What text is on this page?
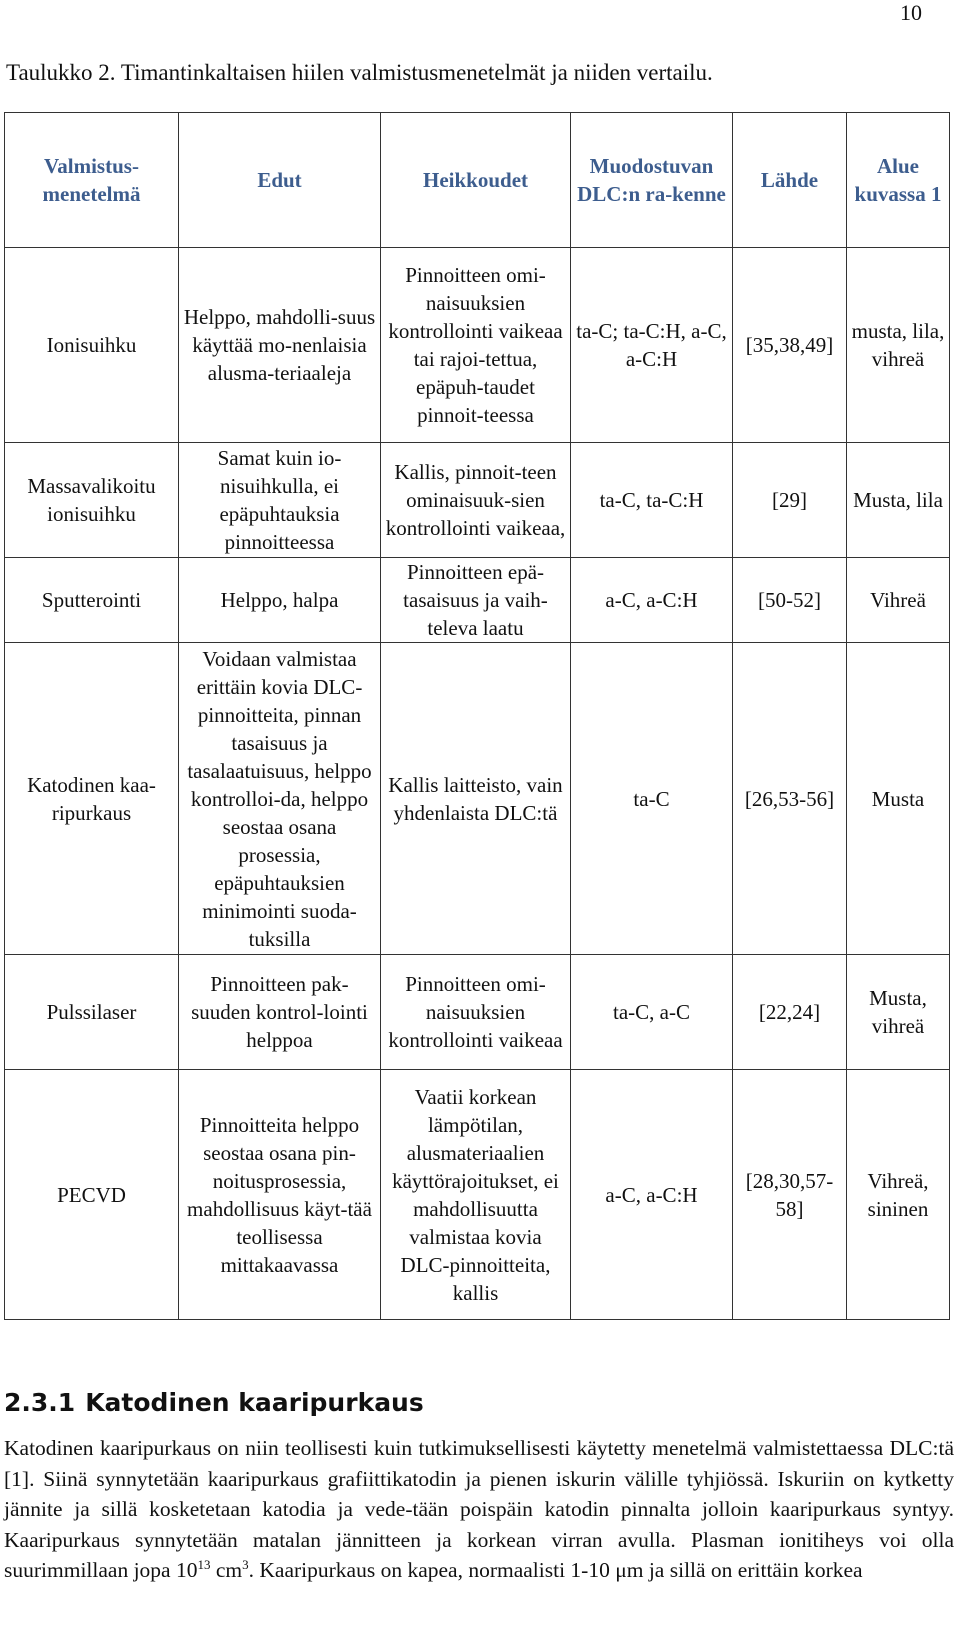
10
Taulukko 2. Timantinkaltaisen hiilen valmistusmenetelmät ja niiden vertailu.
Valmistus-menetelmä	Edut	Heikkoudet	Muodostuvan DLC:n ra-kenne	Lähde	Alue kuvassa 1
Ionisuihku	Helppo, mahdolli-suus käyttää mo-nenlaisia alusma-teriaaleja	Pinnoitteen omi-naisuuksien kontrollointi vaikeaa tai rajoi-tettua, epäpuh-taudet pinnoit-teessa	ta-C; ta-C:H, a-C, a-C:H	[35,38,49]	musta, lila, vihreä
Massavalikoitu ionisuihku	Samat kuin io-nisuihkulla, ei epäpuhtauksia pinnoitteessa	Kallis, pinnoit-teen ominaisuuk-sien kontrollointi vaikeaa,	ta-C, ta-C:H	[29]	Musta, lila
Sputterointi	Helppo, halpa	Pinnoitteen epä-tasaisuus ja vaih-televa laatu	a-C, a-C:H	[50-52]	Vihreä
Katodinen kaa-ripurkaus	Voidaan valmistaa erittäin kovia DLC-pinnoitteita, pinnan tasaisuus ja tasalaatuisuus, helppo kontrolloi-da, helppo seostaa osana prosessia, epäpuhtauksien minimointi suoda-tuksilla	Kallis laitteisto, vain yhdenlaista DLC:tä	ta-C	[26,53-56]	Musta
Pulssilaser	Pinnoitteen pak-suuden kontrol-lointi helppoa	Pinnoitteen omi-naisuuksien kontrollointi vaikeaa	ta-C, a-C	[22,24]	Musta, vihreä
PECVD	Pinnoitteita helppo seostaa osana pin-noitusprosessia, mahdollisuus käyt-tää teollisessa mittakaavassa	Vaatii korkean lämpötilan, alusmateriaalien käyttörajoitukset, ei mahdollisuutta valmistaa kovia DLC-pinnoitteita, kallis	a-C, a-C:H	[28,30,57-58]	Vihreä, sininen
2.3.1 Katodinen kaaripurkaus

Katodinen kaaripurkaus on niin teollisesti kuin tutkimuksellisesti käytetty menetelmä valmistettaessa DLC:tä [1]. Siinä synnytetään kaaripurkaus grafiittikatodin ja pienen iskurin välille tyhjiössä. Iskuriin on kytketty jännite ja sillä kosketetaan katodia ja vede-tään poispäin katodin pinnalta jolloin kaaripurkaus syntyy. Kaaripurkaus synnytetään matalan jännitteen ja korkean virran avulla. Plasman ionitiheys voi olla suurimmillaan jopa $10^{13}$ $cm^3$. Kaaripurkaus on kapea, normaalisti 1-10 μm ja sillä on erittäin korkea
